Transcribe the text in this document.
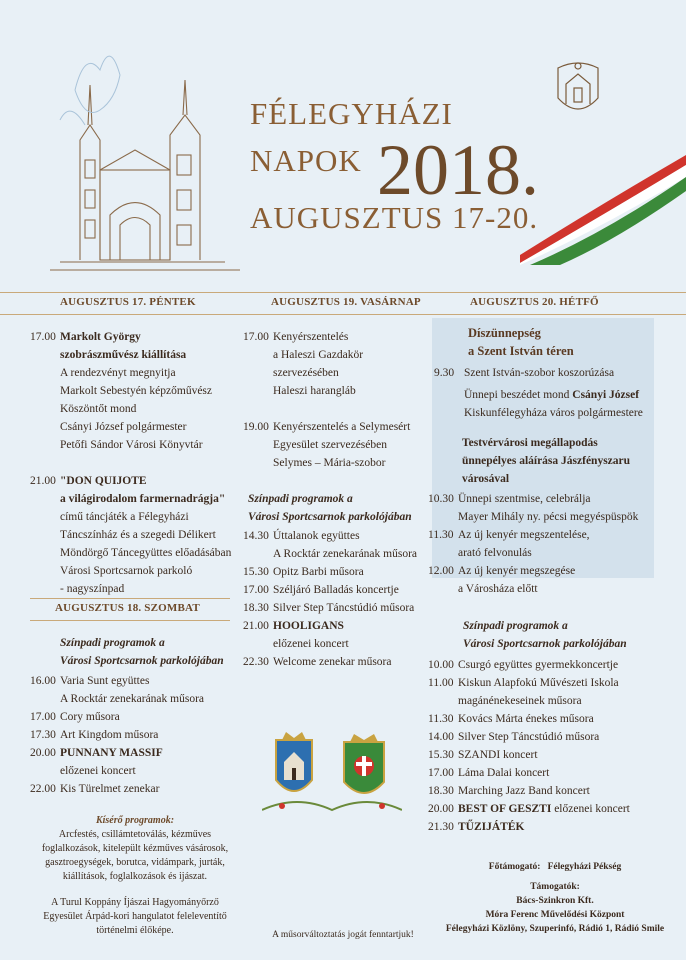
FÉLEGYHÁZI
NAPOK 2018.
AUGUSZTUS 17-20.
AUGUSZTUS 17. PÉNTEK	AUGUSZTUS 19. VASÁRNAP	AUGUSZTUS 20. HÉTFŐ
17.00 Markolt György
szobrászművész kiállítása
A rendezvényt megnyitja
Markolt Sebestyén képzőművész
Köszöntőt mond
Csányi József polgármester
Petőfi Sándor Városi Könyvtár
21.00 "DON QUIJOTE
a világirodalom farmernadrágja"
című táncjáték a Félegyházi
Táncszínház és a szegedi Délikert
Möndörgő Táncegyüttes előadásában
Városi Sportcsarnok parkoló
- nagyszínpad
AUGUSZTUS 18. SZOMBAT
Színpadi programok a
Városi Sportcsarnok parkolójában
16.00 Varia Sunt együttes
A Rocktár zenekarának műsora
17.00 Cory műsora
17.30 Art Kingdom műsora
20.00 PUNNANY MASSIF
előzenei koncert
22.00 Kis Türelmet zenekar
Kísérő programok:
Arcfestés, csillámtetoválás, kézműves
foglalkozások, kitelepült kézműves vásárosok,
gasztroegységek, borutca, vidámpark, jurták,
kiállítások, foglalkozások és ijászat.
A Turul Koppány Íjászai Hagyományőrző
Egyesület Árpád-kori hangulatot feleleventítő
történelmi élőképe.
17.00 Kenyérszentelés
a Haleszi Gazdakör
szervezésében
Haleszi harangláb
19.00 Kenyérszentelés a Selymesért
Egyesület szervezésében
Selymes – Mária-szobor
Színpadi programok a
Városi Sportcsarnok parkolójában
14.30 Úttalanok együttes
A Rocktár zenekarának műsora
15.30 Opitz Barbi műsora
17.00 Széljáró Balladás koncertje
18.30 Silver Step Táncstúdió műsora
21.00 HOOLIGANS
előzenei koncert
22.30 Welcome zenekar műsora
A műsorváltoztatás jogát fenntartjuk!
Díszünnepség
a Szent István téren
9.30 Szent István-szobor koszorúzása
Ünnepi beszédet mond Csányi József
Kiskunfélegyháza város polgármestere
Testvérvárosi megállapodás
ünnepélyes aláírása Jászfényszaru
városával
10.30 Ünnepi szentmise, celebrálja
Mayer Mihály ny. pécsi megyéspüspök
11.30 Az új kenyér megszentelése,
arató felvonulás
12.00 Az új kenyér megszegése
a Városháza előtt
Színpadi programok a
Városi Sportcsarnok parkolójában
10.00 Csurgó együttes gyermekkoncertje
11.00 Kiskun Alapfokú Művészeti Iskola
magánénekeseinek műsora
11.30 Kovács Márta énekes műsora
14.00 Silver Step Táncstúdió műsora
15.30 SZANDI koncert
17.00 Láma Dalai koncert
18.30 Marching Jazz Band koncert
20.00 BEST OF GESZTI előzenei koncert
21.30 TŰZIJÁTÉK
Főtámogató: Félegyházi Pékség
Támogatók:
Bács-Szinkron Kft.
Móra Ferenc Művelődési Központ
Félegyházi Közlöny, Szuperinfó, Rádió 1, Rádió Smile
